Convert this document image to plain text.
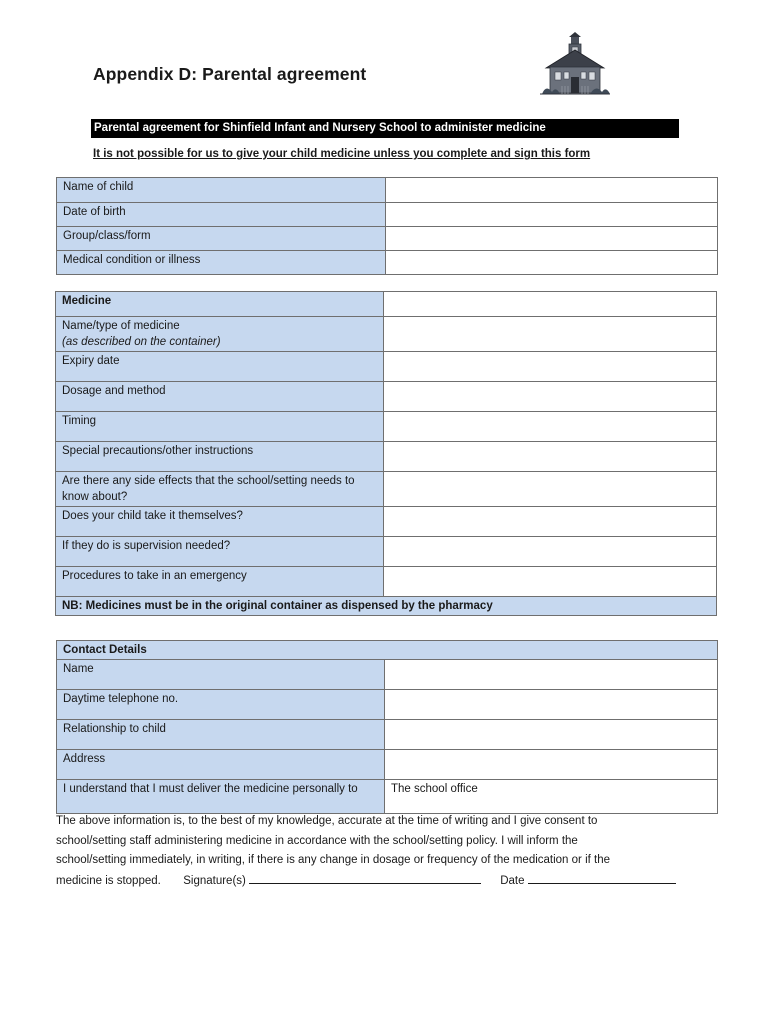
Appendix D: Parental agreement
Parental agreement for Shinfield Infant and Nursery School to administer medicine
It is not possible for us to give your child medicine unless you complete and sign this form
Name of child	
Date of birth	
Group/class/form	
Medical condition or illness	
Medicine	

Name/type of medicine
(as described on the container)	

Expiry date	
Dosage and method	
Timing	
Special precautions/other instructions	
Are there any side effects that the school/setting needs to know about?	
Does your child take it themselves?	
If they do is supervision needed?	
Procedures to take in an emergency	
NB: Medicines must be in the original container as dispensed by the pharmacy	
Contact Details	
Name	
Daytime telephone no.	
Relationship to child	
Address	
I understand that I must deliver the medicine personally to	The school office

The above information is, to the best of my knowledge, accurate at the time of writing and I give consent to

school/setting staff administering medicine in accordance with the school/setting policy. I will inform the

school/setting immediately, in writing, if there is any change in dosage or frequency of the medication or if the

medicine is stopped. Signature(s)	Date
